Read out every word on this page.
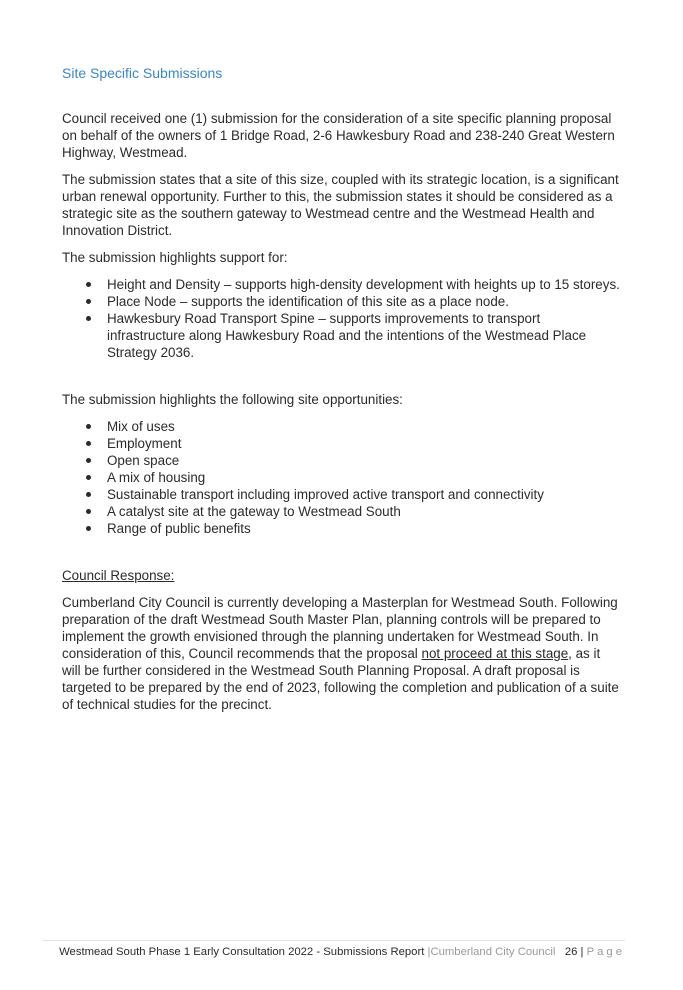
Site Specific Submissions

Council received one (1) submission for the consideration of a site specific planning proposal on behalf of the owners of 1 Bridge Road, 2-6 Hawkesbury Road and 238-240 Great Western Highway, Westmead.

The submission states that a site of this size, coupled with its strategic location, is a significant urban renewal opportunity. Further to this, the submission states it should be considered as a strategic site as the southern gateway to Westmead centre and the Westmead Health and Innovation District.

The submission highlights support for:

Height and Density – supports high-density development with heights up to 15 storeys.
Place Node – supports the identification of this site as a place node.
Hawkesbury Road Transport Spine – supports improvements to transport infrastructure along Hawkesbury Road and the intentions of the Westmead Place Strategy 2036.

The submission highlights the following site opportunities:

Mix of uses
Employment
Open space
A mix of housing
Sustainable transport including improved active transport and connectivity
A catalyst site at the gateway to Westmead South
Range of public benefits

Council Response:

Cumberland City Council is currently developing a Masterplan for Westmead South. Following preparation of the draft Westmead South Master Plan, planning controls will be prepared to implement the growth envisioned through the planning undertaken for Westmead South. In consideration of this, Council recommends that the proposal not proceed at this stage, as it will be further considered in the Westmead South Planning Proposal. A draft proposal is targeted to be prepared by the end of 2023, following the completion and publication of a suite of technical studies for the precinct.

Westmead South Phase 1 Early Consultation 2022 - Submissions Report |Cumberland City Council 26 | Page
